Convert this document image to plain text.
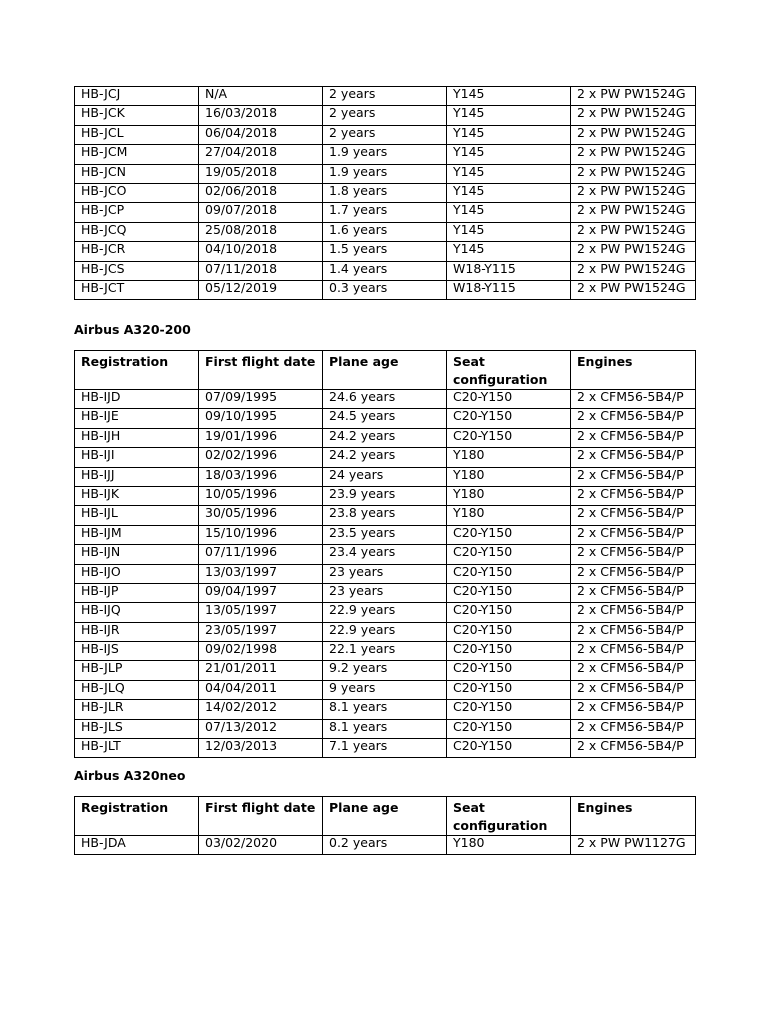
HB-JCJ	N/A	2 years	Y145	2 x PW PW1524G
HB-JCK	16/03/2018	2 years	Y145	2 x PW PW1524G
HB-JCL	06/04/2018	2 years	Y145	2 x PW PW1524G
HB-JCM	27/04/2018	1.9 years	Y145	2 x PW PW1524G
HB-JCN	19/05/2018	1.9 years	Y145	2 x PW PW1524G
HB-JCO	02/06/2018	1.8 years	Y145	2 x PW PW1524G
HB-JCP	09/07/2018	1.7 years	Y145	2 x PW PW1524G
HB-JCQ	25/08/2018	1.6 years	Y145	2 x PW PW1524G
HB-JCR	04/10/2018	1.5 years	Y145	2 x PW PW1524G
HB-JCS	07/11/2018	1.4 years	W18-Y115	2 x PW PW1524G
HB-JCT	05/12/2019	0.3 years	W18-Y115	2 x PW PW1524G
Airbus A320-200
Registration	First flight date	Plane age	Seat configuration	Engines
HB-IJD	07/09/1995	24.6 years	C20-Y150	2 x CFM56-5B4/P
HB-IJE	09/10/1995	24.5 years	C20-Y150	2 x CFM56-5B4/P
HB-IJH	19/01/1996	24.2 years	C20-Y150	2 x CFM56-5B4/P
HB-IJI	02/02/1996	24.2 years	Y180	2 x CFM56-5B4/P
HB-IJJ	18/03/1996	24 years	Y180	2 x CFM56-5B4/P
HB-IJK	10/05/1996	23.9 years	Y180	2 x CFM56-5B4/P
HB-IJL	30/05/1996	23.8 years	Y180	2 x CFM56-5B4/P
HB-IJM	15/10/1996	23.5 years	C20-Y150	2 x CFM56-5B4/P
HB-IJN	07/11/1996	23.4 years	C20-Y150	2 x CFM56-5B4/P
HB-IJO	13/03/1997	23 years	C20-Y150	2 x CFM56-5B4/P
HB-IJP	09/04/1997	23 years	C20-Y150	2 x CFM56-5B4/P
HB-IJQ	13/05/1997	22.9 years	C20-Y150	2 x CFM56-5B4/P
HB-IJR	23/05/1997	22.9 years	C20-Y150	2 x CFM56-5B4/P
HB-IJS	09/02/1998	22.1 years	C20-Y150	2 x CFM56-5B4/P
HB-JLP	21/01/2011	9.2 years	C20-Y150	2 x CFM56-5B4/P
HB-JLQ	04/04/2011	9 years	C20-Y150	2 x CFM56-5B4/P
HB-JLR	14/02/2012	8.1 years	C20-Y150	2 x CFM56-5B4/P
HB-JLS	07/13/2012	8.1 years	C20-Y150	2 x CFM56-5B4/P
HB-JLT	12/03/2013	7.1 years	C20-Y150	2 x CFM56-5B4/P
Airbus A320neo
Registration	First flight date	Plane age	Seat configuration	Engines
HB-JDA	03/02/2020	0.2 years	Y180	2 x PW PW1127G
